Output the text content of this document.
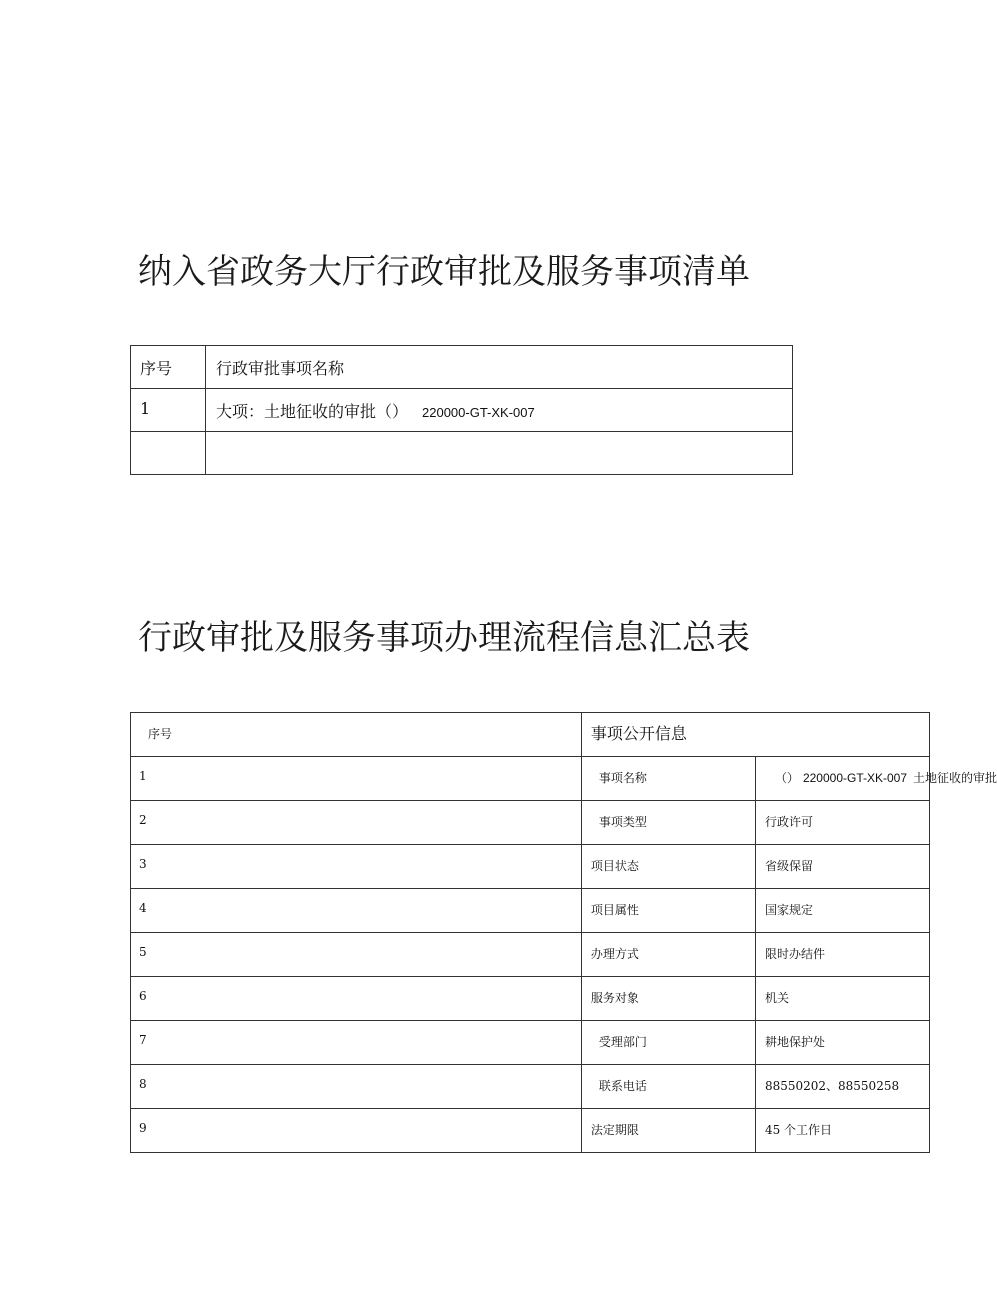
纳入省政务大厅行政审批及服务事项清单
序号	行政审批事项名称
1	大项：土地征收的审批（） 220000-GT-XK-007

行政审批及服务事项办理流程信息汇总表
序号	事项公开信息	
1	事项名称	（） 220000-GT-XK-007 土地征收的审批
2	事项类型	行政许可
3	项目状态	省级保留
4	项目属性	国家规定
5	办理方式	限时办结件
6	服务对象	机关
7	受理部门	耕地保护处
8	联系电话	88550202、88550258
9	法定期限	45 个工作日
